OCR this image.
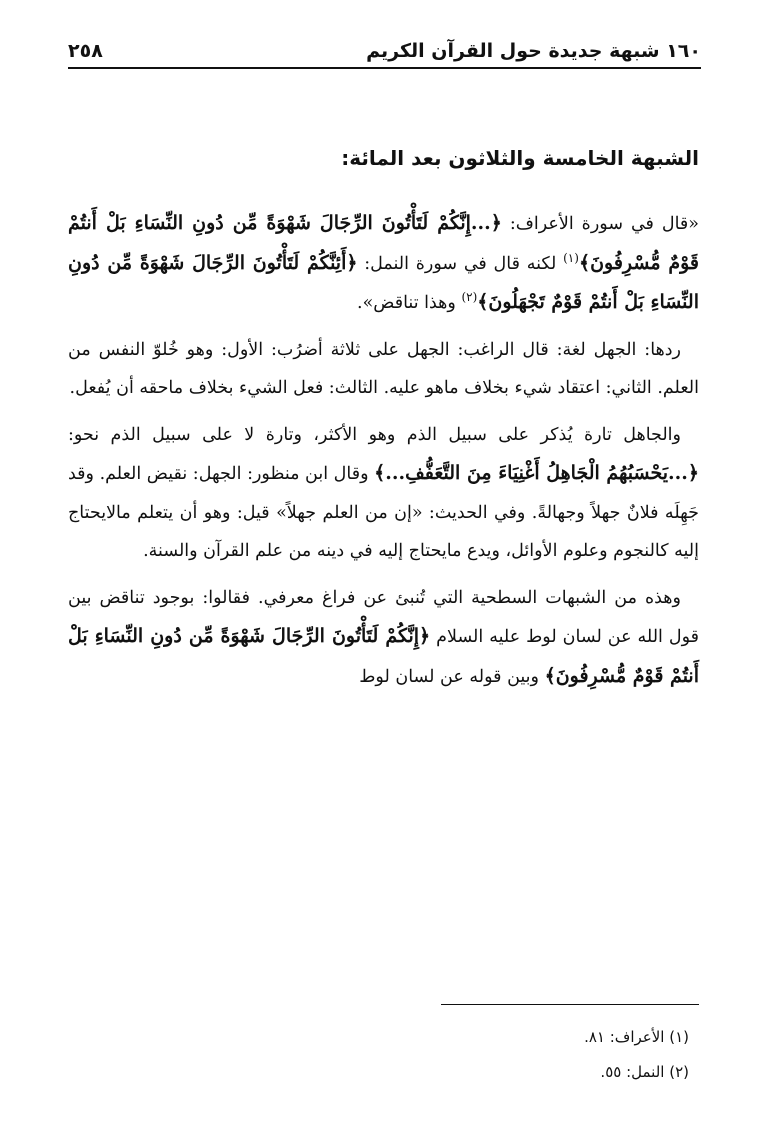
١٦٠ شبهة جديدة حول القرآن الكريم
٢٥٨
الشبهة الخامسة والثلاثون بعد المائة:

«قال في سورة الأعراف: ﴿...إِنَّكُمْ لَتَأْتُونَ الرِّجَالَ شَهْوَةً مِّن دُونِ النِّسَاءِ بَلْ أَنتُمْ قَوْمٌ مُّسْرِفُونَ﴾$^{(١)}$ لكنه قال في سورة النمل: ﴿أَئِنَّكُمْ لَتَأْتُونَ الرِّجَالَ شَهْوَةً مِّن دُونِ النِّسَاءِ بَلْ أَنتُمْ قَوْمٌ تَجْهَلُونَ﴾$^{(٢)}$ وهذا تناقض».

ردها: الجهل لغة: قال الراغب: الجهل على ثلاثة أضرُب: الأول: وهو خُلوّ النفس من العلم. الثاني: اعتقاد شيء بخلاف ماهو عليه. الثالث: فعل الشيء بخلاف ماحقه أن يُفعل.

والجاهل تارة يُذكر على سبيل الذم وهو الأكثر، وتارة لا على سبيل الذم نحو: ﴿...يَحْسَبُهُمُ الْجَاهِلُ أَغْنِيَاءَ مِنَ التَّعَفُّفِ...﴾ وقال ابن منظور: الجهل: نقيض العلم. وقد جَهِلَه فلانٌ جهلاً وجهالةً. وفي الحديث: «إن من العلم جهلاً» قيل: وهو أن يتعلم مالايحتاج إليه كالنجوم وعلوم الأوائل، ويدع مايحتاج إليه في دينه من علم القرآن والسنة.

وهذه من الشبهات السطحية التي تُنبئ عن فراغ معرفي. فقالوا: بوجود تناقض بين قول الله عن لسان لوط عليه السلام ﴿إِنَّكُمْ لَتَأْتُونَ الرِّجَالَ شَهْوَةً مِّن دُونِ النِّسَاءِ بَلْ أَنتُمْ قَوْمٌ مُّسْرِفُونَ﴾ وبين قوله عن لسان لوط

(١) الأعراف: ٨١.
(٢) النمل: ٥٥.
